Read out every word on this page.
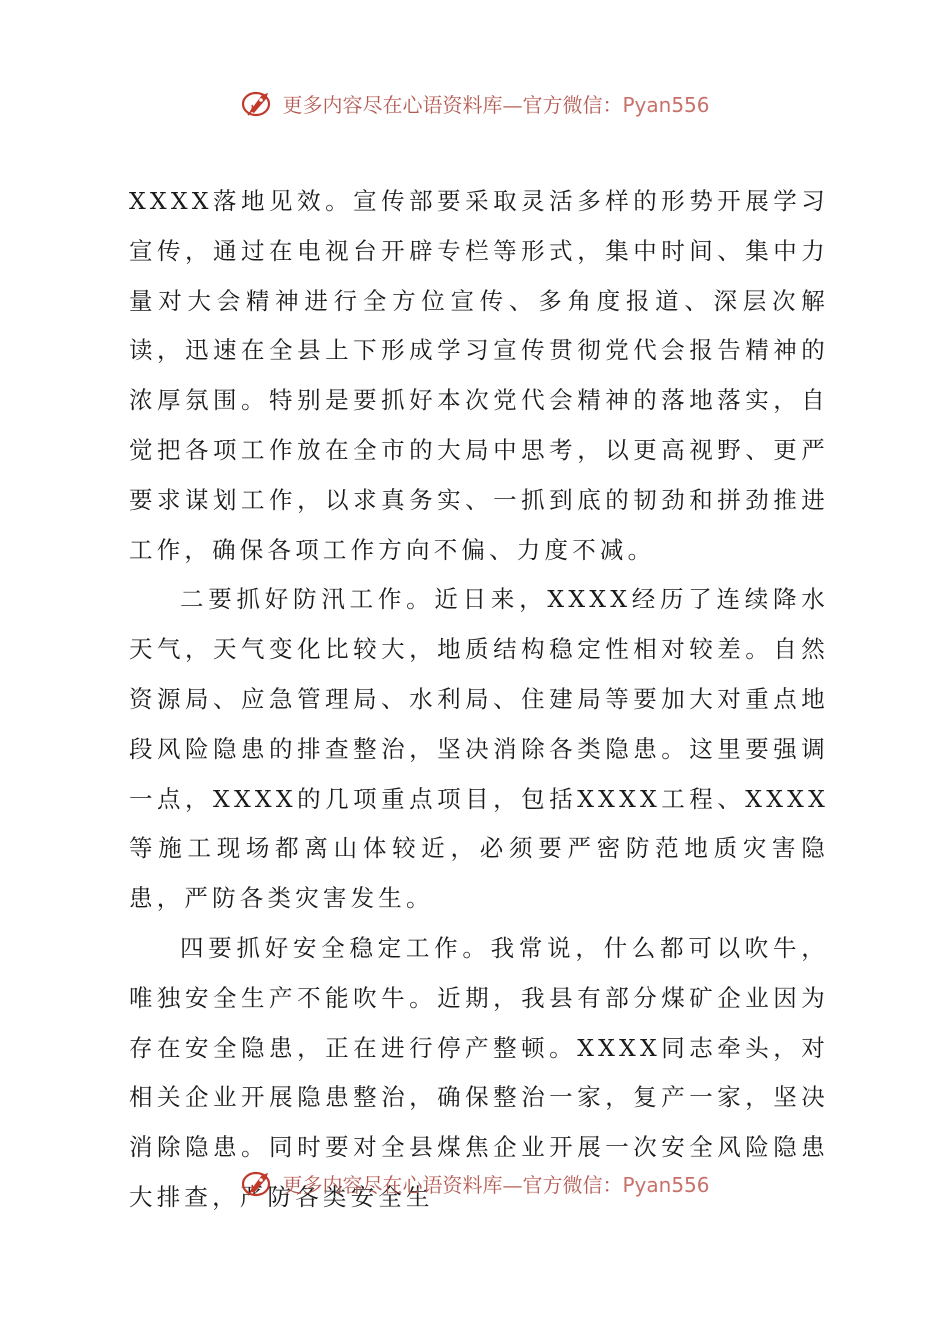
更多内容尽在心语资料库—官方微信：Pyan556

XXXX落地见效。宣传部要采取灵活多样的形势开展学习宣传，通过在电视台开辟专栏等形式，集中时间、集中力量对大会精神进行全方位宣传、多角度报道、深层次解读，迅速在全县上下形成学习宣传贯彻党代会报告精神的浓厚氛围。特别是要抓好本次党代会精神的落地落实，自觉把各项工作放在全市的大局中思考，以更高视野、更严要求谋划工作，以求真务实、一抓到底的韧劲和拼劲推进工作，确保各项工作方向不偏、力度不减。

二要抓好防汛工作。近日来，XXXX经历了连续降水天气，天气变化比较大，地质结构稳定性相对较差。自然资源局、应急管理局、水利局、住建局等要加大对重点地段风险隐患的排查整治，坚决消除各类隐患。这里要强调一点，XXXX的几项重点项目，包括XXXX工程、XXXX等施工现场都离山体较近，必须要严密防范地质灾害隐患，严防各类灾害发生。

四要抓好安全稳定工作。我常说，什么都可以吹牛，唯独安全生产不能吹牛。近期，我县有部分煤矿企业因为存在安全隐患，正在进行停产整顿。XXXX同志牵头，对相关企业开展隐患整治，确保整治一家，复产一家，坚决消除隐患。同时要对全县煤焦企业开展一次安全风险隐患大排查，严防各类安全生

更多内容尽在心语资料库—官方微信：Pyan556
